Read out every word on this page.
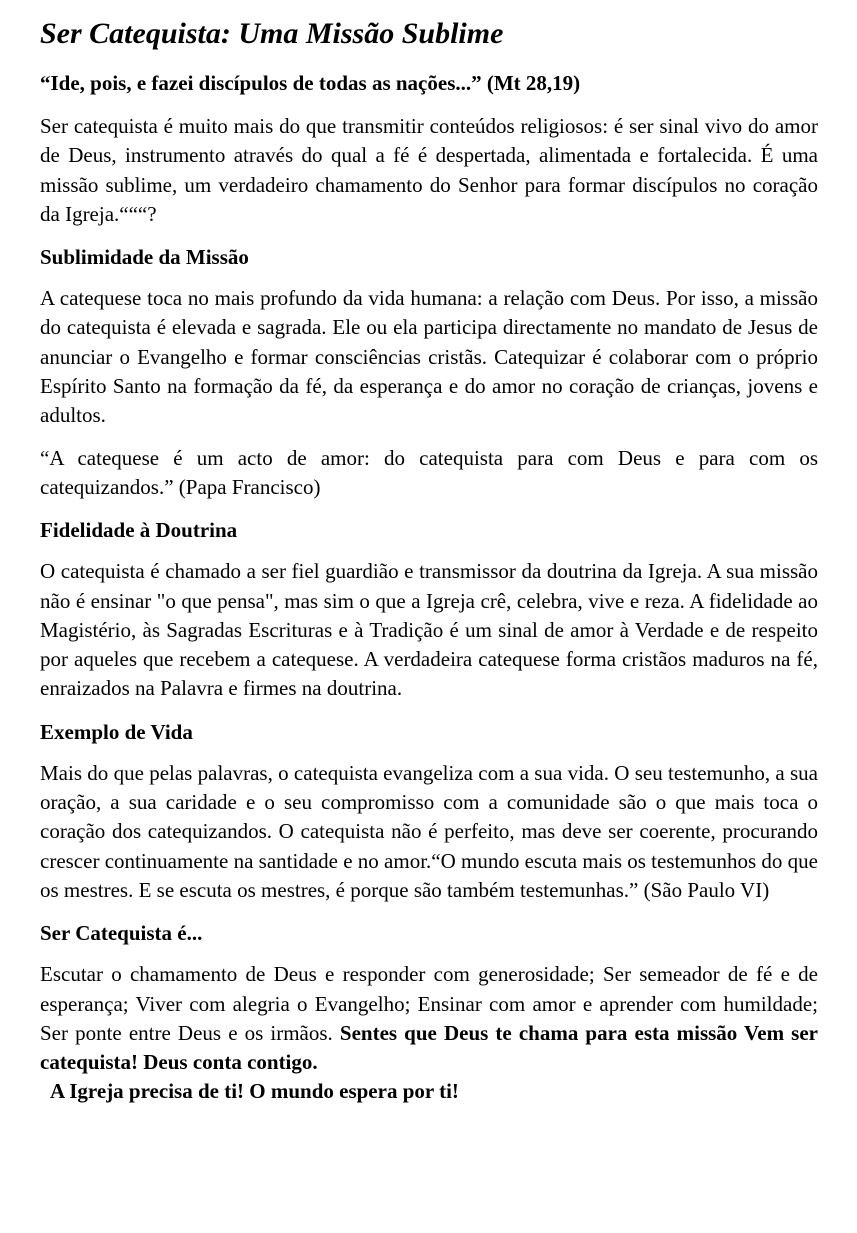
Ser Catequista: Uma Missão Sublime
“Ide, pois, e fazei discípulos de todas as nações...” (Mt 28,19)

Ser catequista é muito mais do que transmitir conteúdos religiosos: é ser sinal vivo do amor de Deus, instrumento através do qual a fé é despertada, alimentada e fortalecida. É uma missão sublime, um verdadeiro chamamento do Senhor para formar discípulos no coração da Igreja.“““?

Sublimidade da Missão

A catequese toca no mais profundo da vida humana: a relação com Deus. Por isso, a missão do catequista é elevada e sagrada. Ele ou ela participa directamente no mandato de Jesus de anunciar o Evangelho e formar consciências cristãs. Catequizar é colaborar com o próprio Espírito Santo na formação da fé, da esperança e do amor no coração de crianças, jovens e adultos.

“A catequese é um acto de amor: do catequista para com Deus e para com os catequizandos.” (Papa Francisco)

Fidelidade à Doutrina

O catequista é chamado a ser fiel guardião e transmissor da doutrina da Igreja. A sua missão não é ensinar "o que pensa", mas sim o que a Igreja crê, celebra, vive e reza. A fidelidade ao Magistério, às Sagradas Escrituras e à Tradição é um sinal de amor à Verdade e de respeito por aqueles que recebem a catequese. A verdadeira catequese forma cristãos maduros na fé, enraizados na Palavra e firmes na doutrina.

Exemplo de Vida

Mais do que pelas palavras, o catequista evangeliza com a sua vida. O seu testemunho, a sua oração, a sua caridade e o seu compromisso com a comunidade são o que mais toca o coração dos catequizandos. O catequista não é perfeito, mas deve ser coerente, procurando crescer continuamente na santidade e no amor.“O mundo escuta mais os testemunhos do que os mestres. E se escuta os mestres, é porque são também testemunhas.” (São Paulo VI)

Ser Catequista é...

Escutar o chamamento de Deus e responder com generosidade; Ser semeador de fé e de esperança; Viver com alegria o Evangelho; Ensinar com amor e aprender com humildade; Ser ponte entre Deus e os irmãos. Sentes que Deus te chama para esta missão Vem ser catequista! Deus conta contigo.
A Igreja precisa de ti! O mundo espera por ti!
